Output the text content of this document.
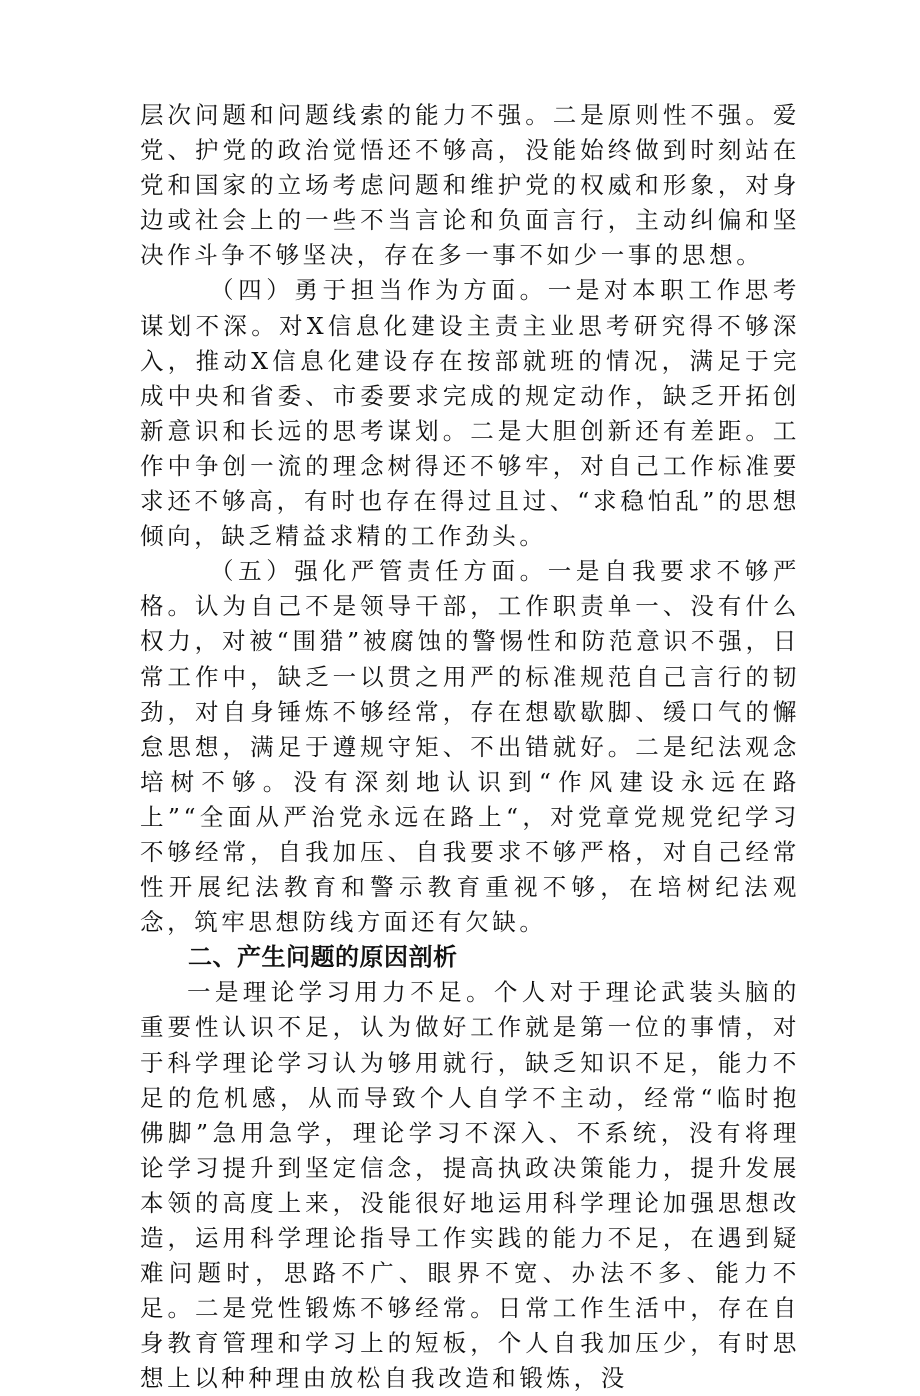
层次问题和问题线索的能力不强。二是原则性不强。爱党、护党的政治觉悟还不够高，没能始终做到时刻站在党和国家的立场考虑问题和维护党的权威和形象，对身边或社会上的一些不当言论和负面言行，主动纠偏和坚决作斗争不够坚决，存在多一事不如少一事的思想。

（四）勇于担当作为方面。一是对本职工作思考谋划不深。对X信息化建设主责主业思考研究得不够深入，推动X信息化建设存在按部就班的情况，满足于完成中央和省委、市委要求完成的规定动作，缺乏开拓创新意识和长远的思考谋划。二是大胆创新还有差距。工作中争创一流的理念树得还不够牢，对自己工作标准要求还不够高，有时也存在得过且过、“求稳怕乱”的思想倾向，缺乏精益求精的工作劲头。

（五）强化严管责任方面。一是自我要求不够严格。认为自己不是领导干部，工作职责单一、没有什么权力，对被“围猎”被腐蚀的警惕性和防范意识不强，日常工作中，缺乏一以贯之用严的标准规范自己言行的韧劲，对自身锤炼不够经常，存在想歇歇脚、缓口气的懈怠思想，满足于遵规守矩、不出错就好。二是纪法观念培树不够。没有深刻地认识到“作风建设永远在路上”“全面从严治党永远在路上“，对党章党规党纪学习不够经常，自我加压、自我要求不够严格，对自己经常性开展纪法教育和警示教育重视不够，在培树纪法观念，筑牢思想防线方面还有欠缺。

二、产生问题的原因剖析

一是理论学习用力不足。个人对于理论武装头脑的重要性认识不足，认为做好工作就是第一位的事情，对于科学理论学习认为够用就行，缺乏知识不足，能力不足的危机感，从而导致个人自学不主动，经常“临时抱佛脚”急用急学，理论学习不深入、不系统，没有将理论学习提升到坚定信念，提高执政决策能力，提升发展本领的高度上来，没能很好地运用科学理论加强思想改造，运用科学理论指导工作实践的能力不足，在遇到疑难问题时，思路不广、眼界不宽、办法不多、能力不足。二是党性锻炼不够经常。日常工作生活中，存在自身教育管理和学习上的短板，个人自我加压少，有时思想上以种种理由放松自我改造和锻炼，没
